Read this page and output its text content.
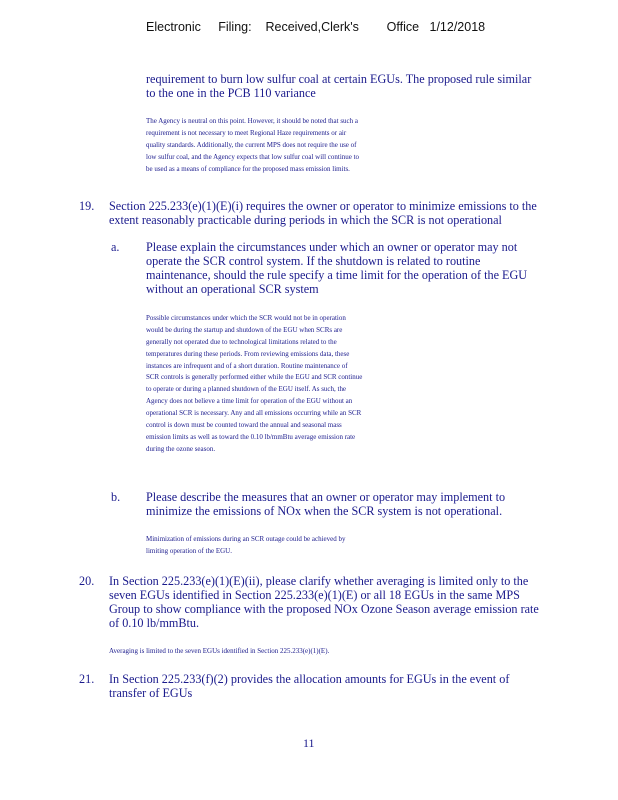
Electronic     Filing:    Received,Clerk's        Office   1/12/2018
requirement to burn low sulfur coal at certain EGUs. The proposed rule similar
to the one in the PCB 110 variance
The Agency is neutral on this point. However, it should be noted that such a
requirement is not necessary to meet Regional Haze requirements or air
quality standards. Additionally, the current MPS does not require the use of
low sulfur coal, and the Agency expects that low sulfur coal will continue to
be used as a means of compliance for the proposed mass emission limits.
19. Section 225.233(e)(1)(E)(i) requires the owner or operator to minimize emissions to the
extent reasonably practicable during periods in which the SCR is not operational
a. Please explain the circumstances under which an owner or operator may not
operate the SCR control system. If the shutdown is related to routine
maintenance, should the rule specify a time limit for the operation of the EGU
without an operational SCR system
Possible circumstances under which the SCR would not be in operation
would be during the startup and shutdown of the EGU when SCRs are
generally not operated due to technological limitations related to the
temperatures during these periods. From reviewing emissions data, these
instances are infrequent and of a short duration. Routine maintenance of
SCR controls is generally performed either while the EGU and SCR continue
to operate or during a planned shutdown of the EGU itself. As such, the
Agency does not believe a time limit for operation of the EGU without an
operational SCR is necessary. Any and all emissions occurring while an SCR
control is down must be counted toward the annual and seasonal mass
emission limits as well as toward the 0.10 lb/mmBtu average emission rate
during the ozone season.
b. Please describe the measures that an owner or operator may implement to
minimize the emissions of NOx when the SCR system is not operational.
Minimization of emissions during an SCR outage could be achieved by
limiting operation of the EGU.
20. In Section 225.233(e)(1)(E)(ii), please clarify whether averaging is limited only to the
seven EGUs identified in Section 225.233(e)(1)(E) or all 18 EGUs in the same MPS
Group to show compliance with the proposed NOx Ozone Season average emission rate
of 0.10 lb/mmBtu.
Averaging is limited to the seven EGUs identified in Section 225.233(e)(1)(E).
21. In Section 225.233(f)(2) provides the allocation amounts for EGUs in the event of
transfer of EGUs
11
